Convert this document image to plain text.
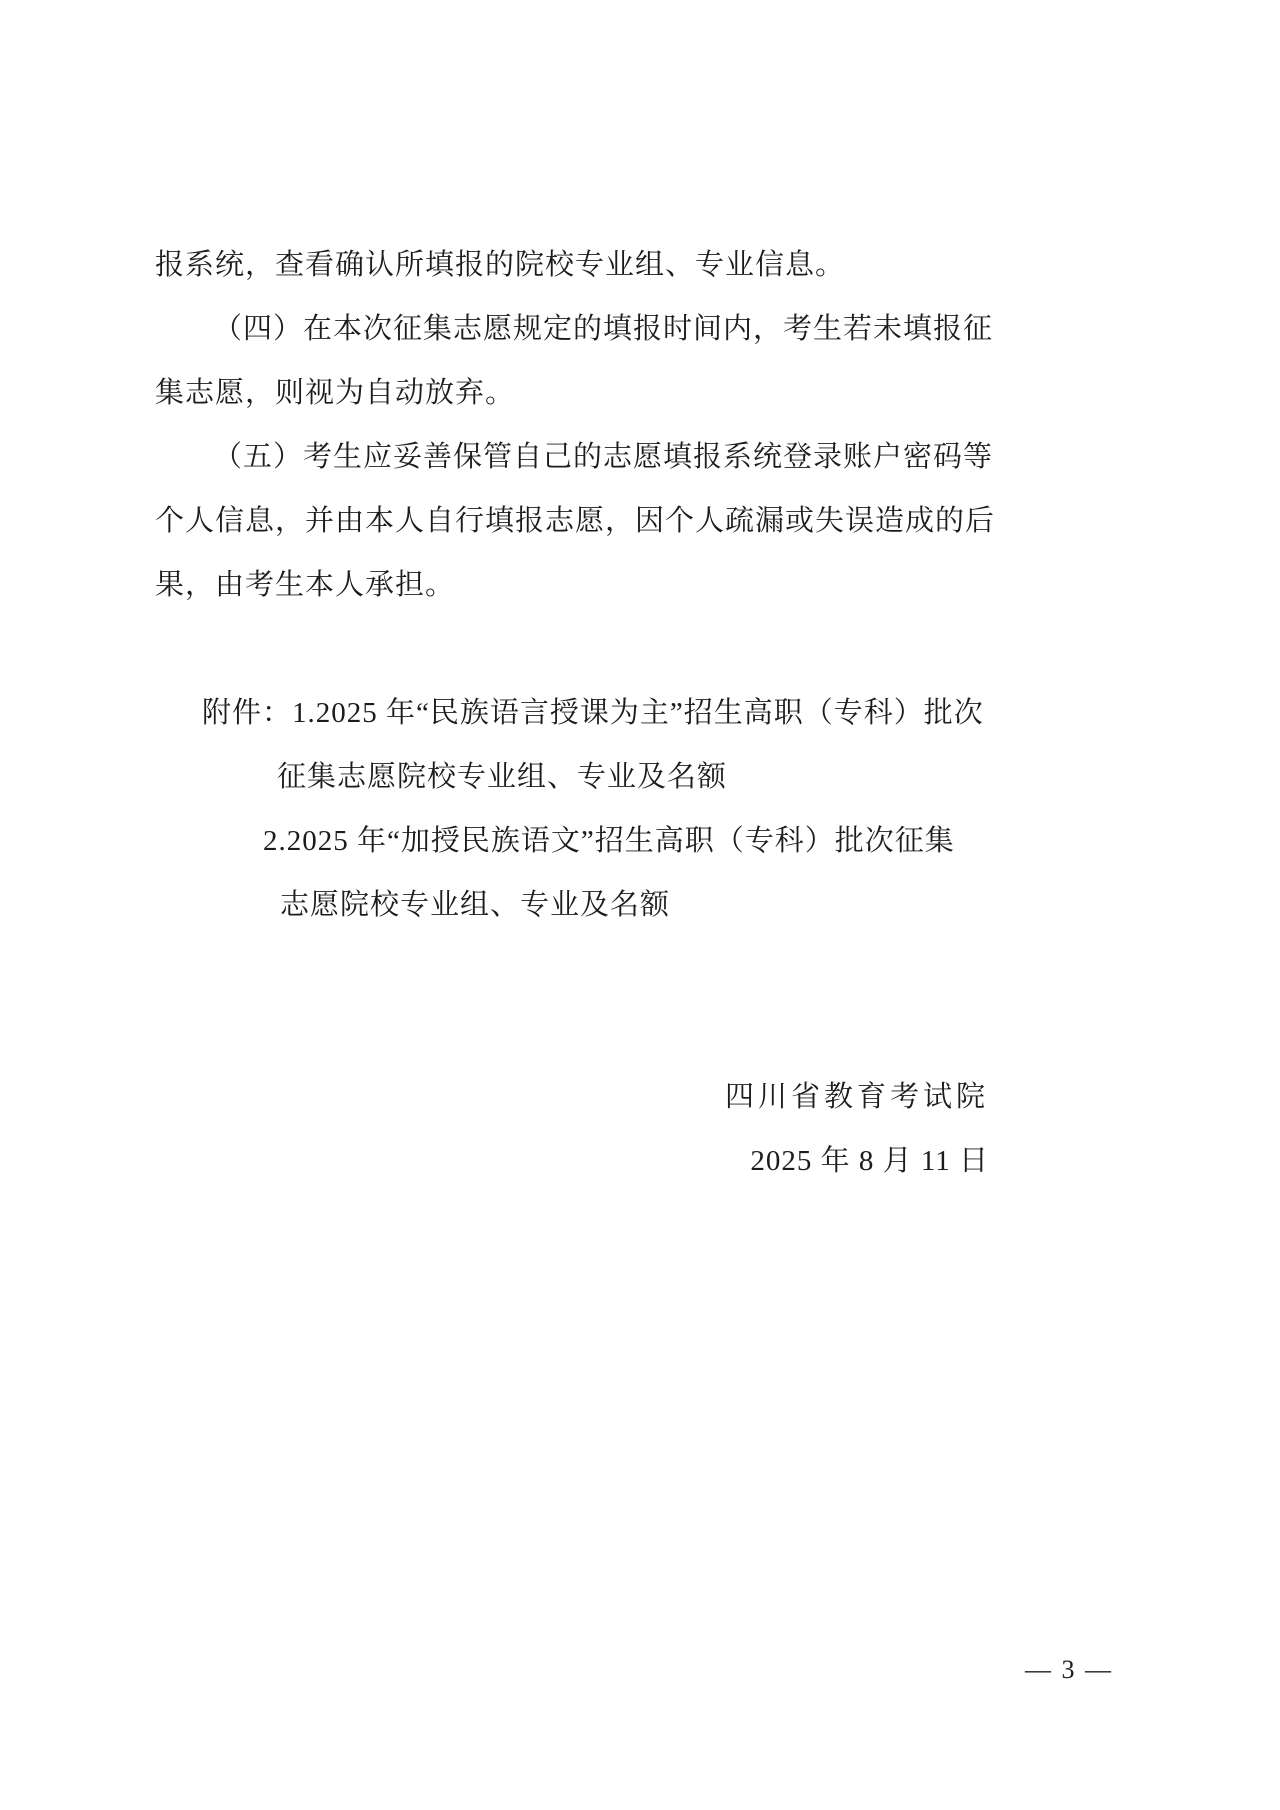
报系统，查看确认所填报的院校专业组、专业信息。

（四）在本次征集志愿规定的填报时间内，考生若未填报征

集志愿，则视为自动放弃。

（五）考生应妥善保管自己的志愿填报系统登录账户密码等

个人信息，并由本人自行填报志愿，因个人疏漏或失误造成的后

果，由考生本人承担。

附件：1.2025 年“民族语言授课为主”招生高职（专科）批次

征集志愿院校专业组、专业及名额

2.2025 年“加授民族语文”招生高职（专科）批次征集

志愿院校专业组、专业及名额

四川省教育考试院

2025 年 8 月 11 日

— 3 —
